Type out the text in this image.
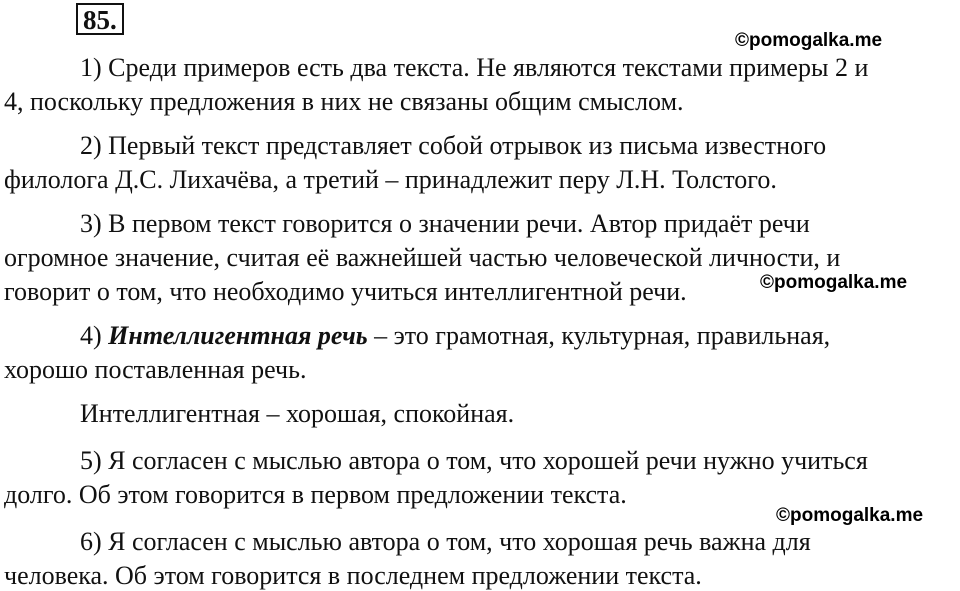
85.
©pomogalka.me
1) Среди примеров есть два текста. Не являются текстами примеры 2 и
4, поскольку предложения в них не связаны общим смыслом.
2) Первый текст представляет собой отрывок из письма известного
филолога Д.С. Лихачёва, а третий – принадлежит перу Л.Н. Толстого.
3) В первом текст говорится о значении речи. Автор придаёт речи
огромное значение, считая её важнейшей частью человеческой личности, и
говорит о том, что необходимо учиться интеллигентной речи.	©pomogalka.me
4) Интеллигентная речь – это грамотная, культурная, правильная,
хорошо поставленная речь.
Интеллигентная – хорошая, спокойная.
5) Я согласен с мыслью автора о том, что хорошей речи нужно учиться
долго. Об этом говорится в первом предложении текста.
©pomogalka.me
6) Я согласен с мыслью автора о том, что хорошая речь важна для
человека. Об этом говорится в последнем предложении текста.
